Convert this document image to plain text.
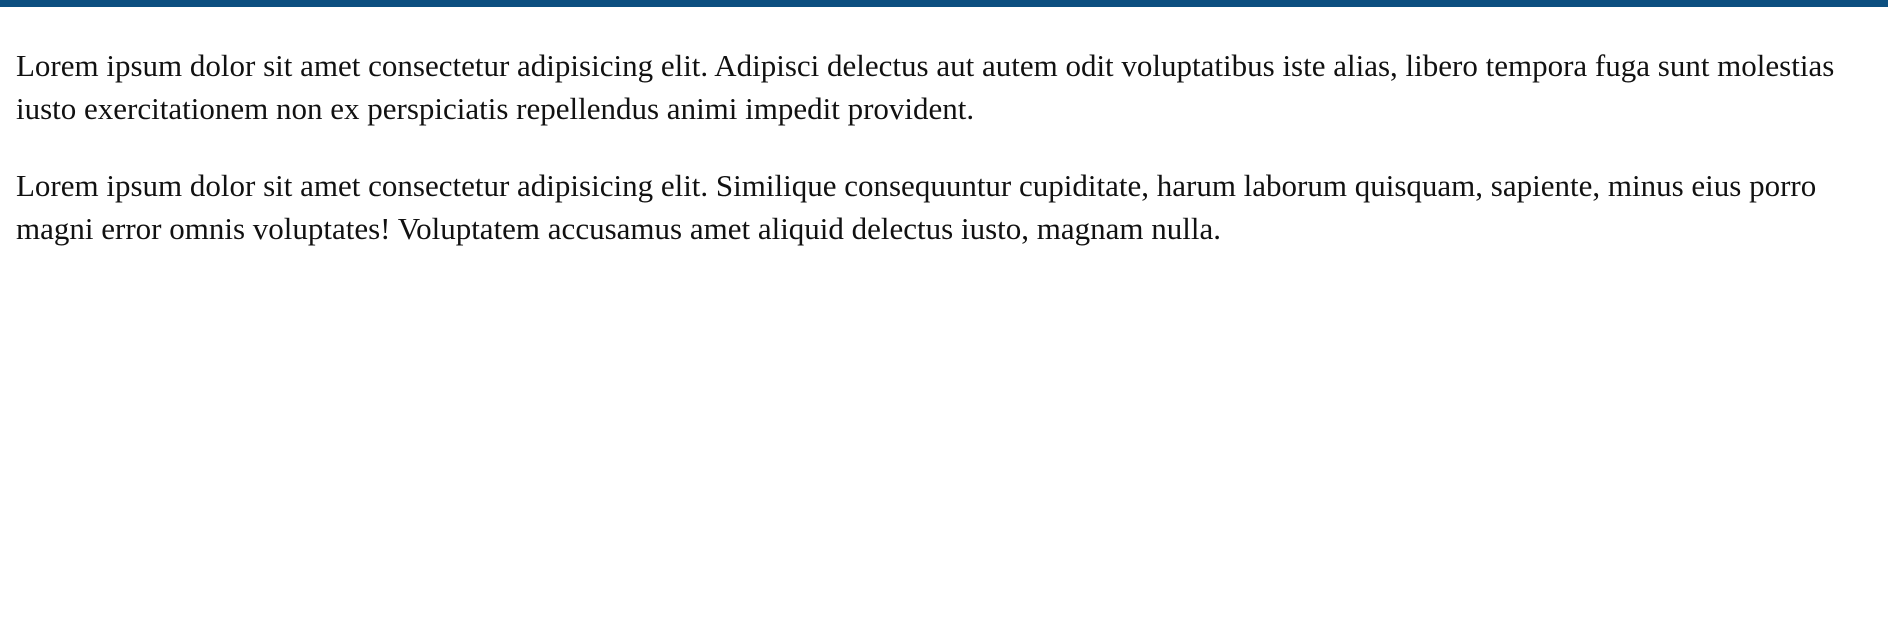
Lorem ipsum dolor sit amet consectetur adipisicing elit. Adipisci delectus aut autem odit voluptatibus iste alias, libero tempora fuga sunt molestias iusto exercitationem non ex perspiciatis repellendus animi impedit provident.

Lorem ipsum dolor sit amet consectetur adipisicing elit. Similique consequuntur cupiditate, harum laborum quisquam, sapiente, minus eius porro magni error omnis voluptates! Voluptatem accusamus amet aliquid delectus iusto, magnam nulla.
